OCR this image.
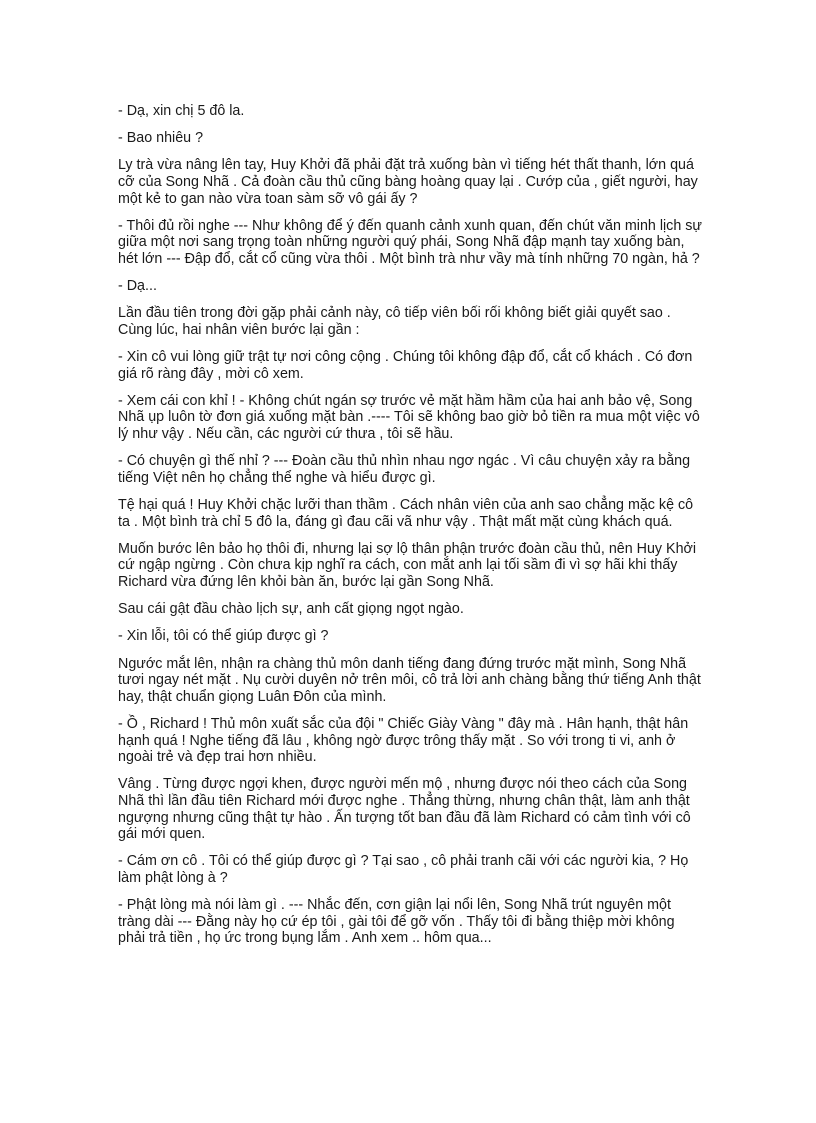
- Dạ, xin chị 5 đô la.

- Bao nhiêu ?

Ly trà vừa nâng lên tay, Huy Khởi đã phải đặt trả xuống bàn vì tiếng hét thất thanh, lớn quá cỡ của Song Nhã . Cả đoàn cầu thủ cũng bàng hoàng quay lại . Cướp của , giết người, hay một kẻ to gan nào vừa toan sàm sỡ vô gái ấy ?

- Thôi đủ rồi nghe --- Như không để ý đến quanh cảnh xunh quan, đến chút văn minh lịch sự giữa một nơi sang trọng toàn những người quý phái, Song Nhã đập mạnh tay xuống bàn, hét lớn --- Đập đổ, cắt cổ cũng vừa thôi . Một bình trà như vầy mà tính những 70 ngàn, hả ?

- Dạ...

Lần đầu tiên trong đời gặp phải cảnh này, cô tiếp viên bối rối không biết giải quyết sao . Cùng lúc, hai nhân viên bước lại gần :

- Xin cô vui lòng giữ trật tự nơi công cộng . Chúng tôi không đập đổ, cắt cổ khách . Có đơn giá rõ ràng đây , mời cô xem.

- Xem cái con khỉ ! - Không chút ngán sợ trước vẻ mặt hầm hầm của hai anh bảo vệ, Song Nhã ụp luôn tờ đơn giá xuống mặt bàn .---- Tôi sẽ không bao giờ bỏ tiền ra mua một việc vô lý như vậy . Nếu cần, các người cứ thưa , tôi sẽ hầu.

- Có chuyện gì thế nhỉ ? --- Đoàn cầu thủ nhìn nhau ngơ ngác . Vì câu chuyện xảy ra bằng tiếng Việt nên họ chẳng thể nghe và hiểu được gì.

Tệ hại quá ! Huy Khởi chặc lưỡi than thầm . Cách nhân viên của anh sao chẳng mặc kệ cô ta . Một bình trà chỉ 5 đô la, đáng gì đau cãi vã như vậy . Thật mất mặt cùng khách quá.

Muốn bước lên bảo họ thôi đi, nhưng lại sợ lộ thân phận trước đoàn cầu thủ, nên Huy Khởi cứ ngập ngừng . Còn chưa kịp nghĩ ra cách, con mắt anh lại tối sầm đi vì sợ hãi khi thấy Richard vừa đứng lên khỏi bàn ăn, bước lại gần Song Nhã.

Sau cái gật đầu chào lịch sự, anh cất giọng ngọt ngào.

- Xin lỗi, tôi có thể giúp được gì ?

Ngước mắt lên, nhận ra chàng thủ môn danh tiếng đang đứng trước mặt mình, Song Nhã tươi ngay nét mặt . Nụ cười duyên nở trên môi, cô trả lời anh chàng bằng thứ tiếng Anh thật hay, thật chuẩn giọng Luân Đôn của mình.

- Ồ , Richard ! Thủ môn xuất sắc của đội " Chiếc Giày Vàng " đây mà . Hân hạnh, thật hân hạnh quá ! Nghe tiếng đã lâu , không ngờ được trông thấy mặt . So với trong ti vi, anh ở ngoài trẻ và đẹp trai hơn nhiều.

Vâng . Từng được ngợi khen, được người mến mộ , nhưng được nói theo cách của Song Nhã thì lần đầu tiên Richard mới được nghe . Thẳng thừng, nhưng chân thật, làm anh thật ngượng nhưng cũng thật tự hào . Ấn tượng tốt ban đầu đã làm Richard có cảm tình với cô gái mới quen.

- Cám ơn cô . Tôi có thể giúp được gì ? Tại sao , cô phải tranh cãi với các người kia, ? Họ làm phật lòng à ?

- Phật lòng mà nói làm gì . --- Nhắc đến, cơn giận lại nổi lên, Song Nhã trút nguyên một tràng dài --- Đằng này họ cứ ép tôi , gài tôi để gỡ vốn . Thấy tôi đi bằng thiệp mời không phải trả tiền , họ ức trong bụng lắm . Anh xem .. hôm qua...
